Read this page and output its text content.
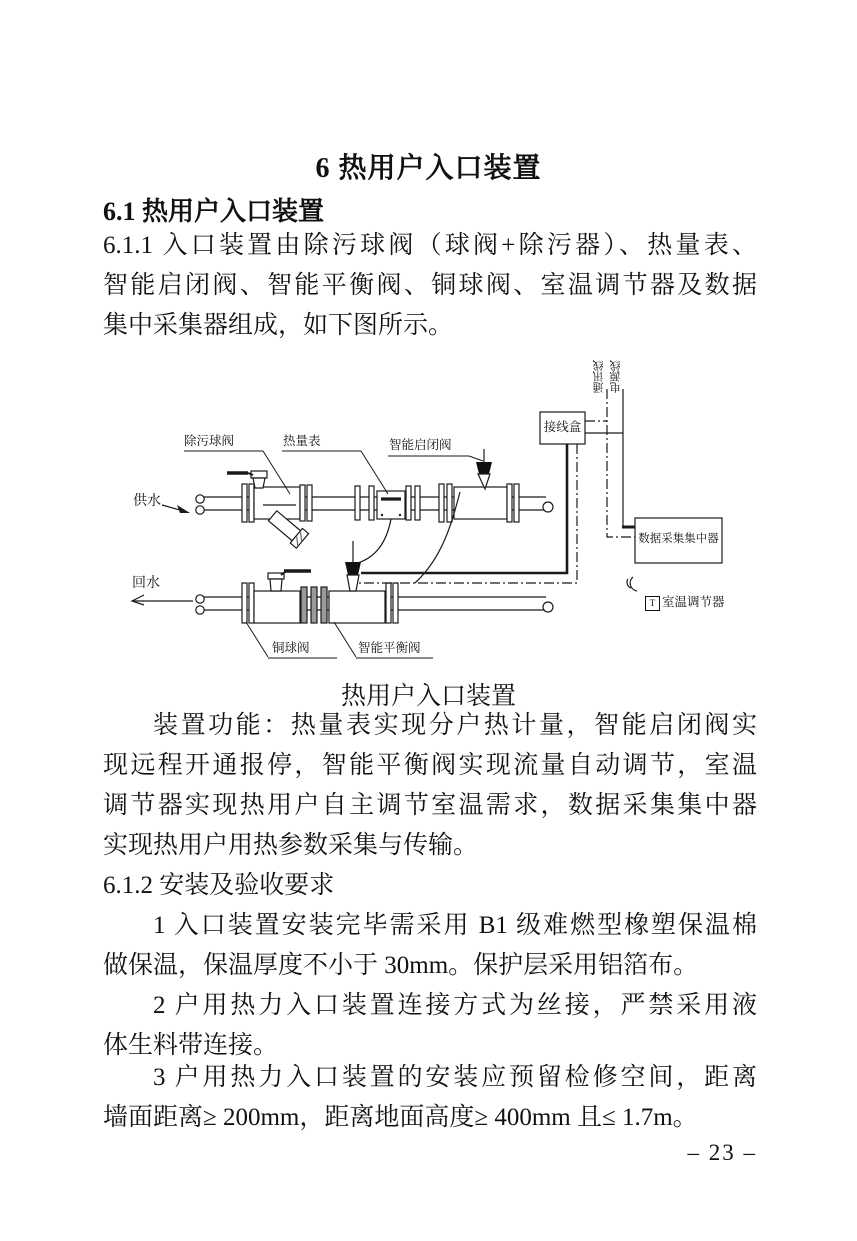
6 热用户入口装置
6.1 热用户入口装置
6.1.1 入口装置由除污球阀（球阀+除污器）、热量表、
智能启闭阀、智能平衡阀、铜球阀、室温调节器及数据
集中采集器组成，如下图所示。
供水
回水
除污球阀	热量表	智能启闭阀
铜球阀	智能平衡阀
接线盒
数据采集集中器
通讯线 电源线
T 室温调节器
热用户入口装置
装置功能：热量表实现分户热计量，智能启闭阀实
现远程开通报停，智能平衡阀实现流量自动调节，室温
调节器实现热用户自主调节室温需求，数据采集集中器
实现热用户用热参数采集与传输。
6.1.2 安装及验收要求
1 入口装置安装完毕需采用 B1 级难燃型橡塑保温棉
做保温，保温厚度不小于 30mm。保护层采用铝箔布。
2 户用热力入口装置连接方式为丝接，严禁采用液
体生料带连接。
3 户用热力入口装置的安装应预留检修空间，距离
墙面距离≥ 200mm，距离地面高度≥ 400mm 且≤ 1.7m。
– 23 –
